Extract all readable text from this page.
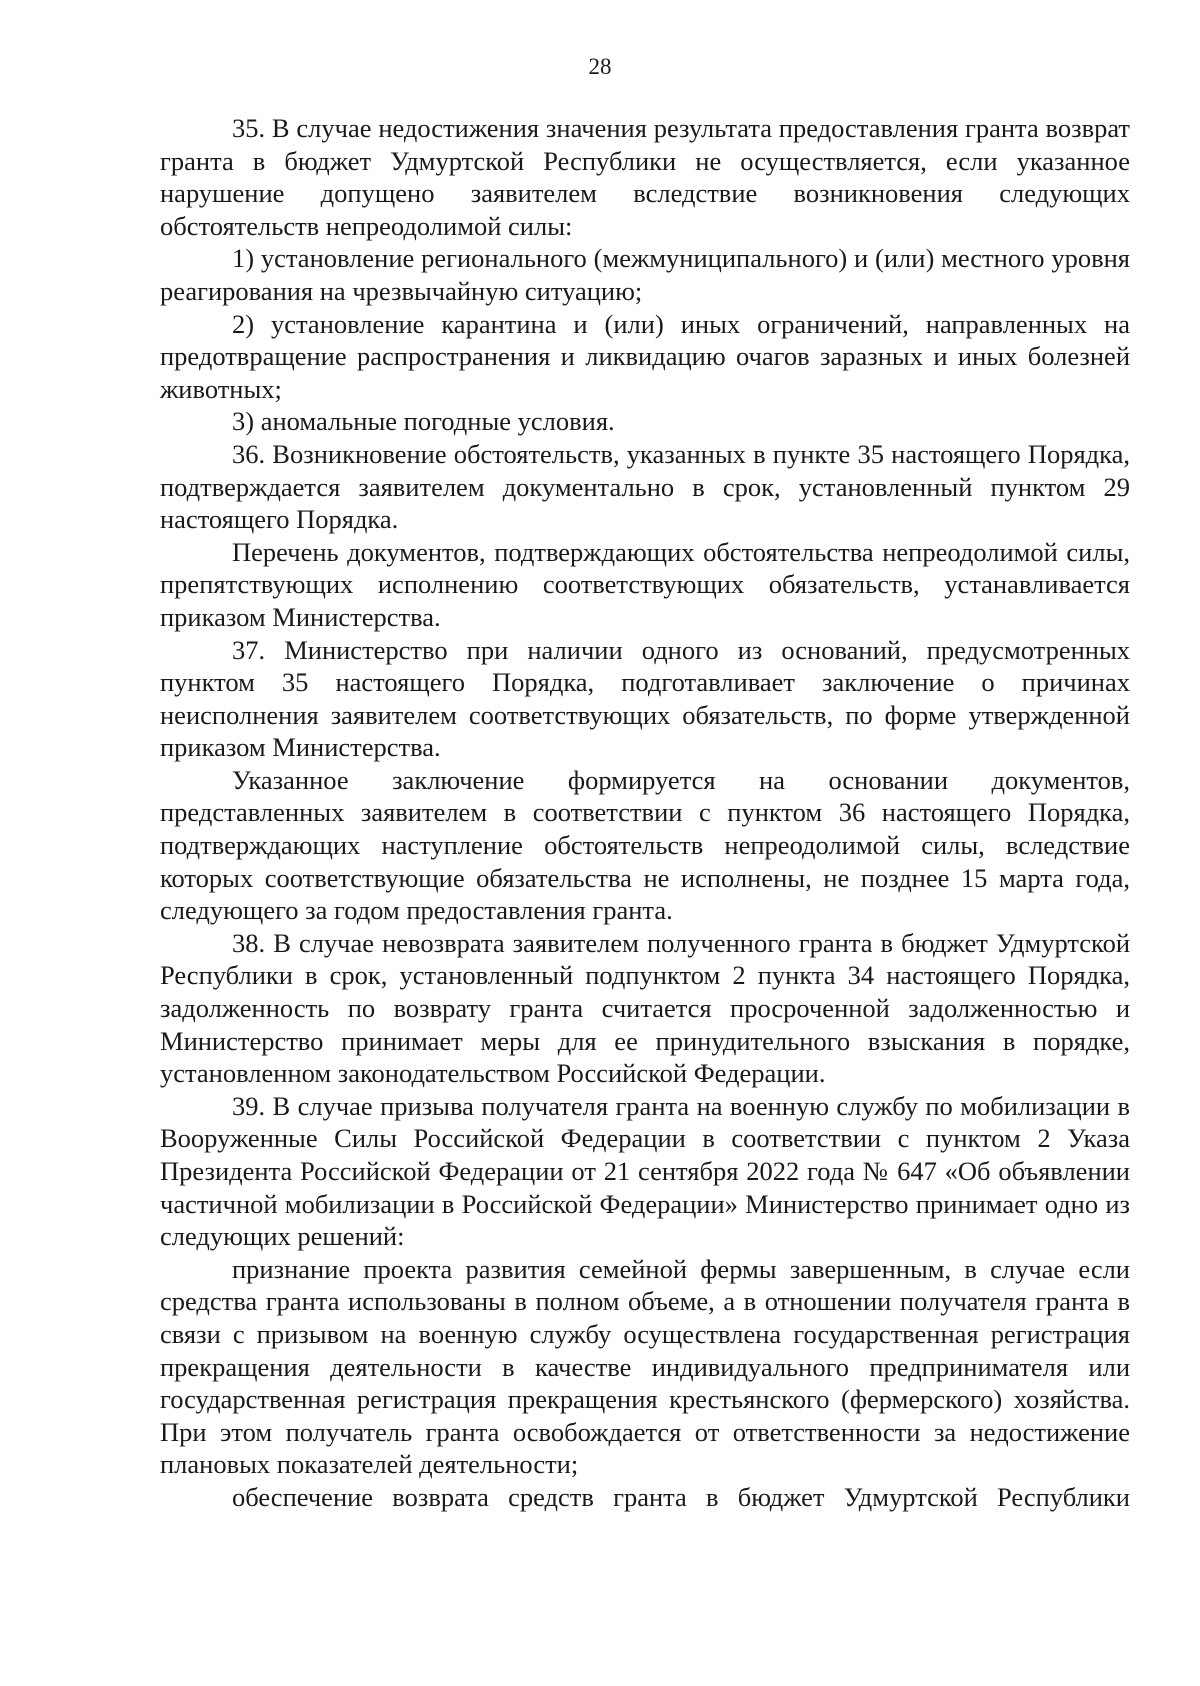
28

35. В случае недостижения значения результата предоставления гранта возврат гранта в бюджет Удмуртской Республики не осуществляется, если указанное нарушение допущено заявителем вследствие возникновения следующих обстоятельств непреодолимой силы:

1) установление регионального (межмуниципального) и (или) местного уровня реагирования на чрезвычайную ситуацию;

2) установление карантина и (или) иных ограничений, направленных на предотвращение распространения и ликвидацию очагов заразных и иных болезней животных;

3) аномальные погодные условия.

36. Возникновение обстоятельств, указанных в пункте 35 настоящего Порядка, подтверждается заявителем документально в срок, установленный пунктом 29 настоящего Порядка.

Перечень документов, подтверждающих обстоятельства непреодолимой силы, препятствующих исполнению соответствующих обязательств, устанавливается приказом Министерства.

37. Министерство при наличии одного из оснований, предусмотренных пунктом 35 настоящего Порядка, подготавливает заключение о причинах неисполнения заявителем соответствующих обязательств, по форме утвержденной приказом Министерства.

Указанное заключение формируется на основании документов, представленных заявителем в соответствии с пунктом 36 настоящего Порядка, подтверждающих наступление обстоятельств непреодолимой силы, вследствие которых соответствующие обязательства не исполнены, не позднее 15 марта года, следующего за годом предоставления гранта.

38. В случае невозврата заявителем полученного гранта в бюджет Удмуртской Республики в срок, установленный подпунктом 2 пункта 34 настоящего Порядка, задолженность по возврату гранта считается просроченной задолженностью и Министерство принимает меры для ее принудительного взыскания в порядке, установленном законодательством Российской Федерации.

39. В случае призыва получателя гранта на военную службу по мобилизации в Вооруженные Силы Российской Федерации в соответствии с пунктом 2 Указа Президента Российской Федерации от 21 сентября 2022 года № 647 «Об объявлении частичной мобилизации в Российской Федерации» Министерство принимает одно из следующих решений:

признание проекта развития семейной фермы завершенным, в случае если средства гранта использованы в полном объеме, а в отношении получателя гранта в связи с призывом на военную службу осуществлена государственная регистрация прекращения деятельности в качестве индивидуального предпринимателя или государственная регистрация прекращения крестьянского (фермерского) хозяйства. При этом получатель гранта освобождается от ответственности за недостижение плановых показателей деятельности;

обеспечение возврата средств гранта в бюджет Удмуртской Республики
